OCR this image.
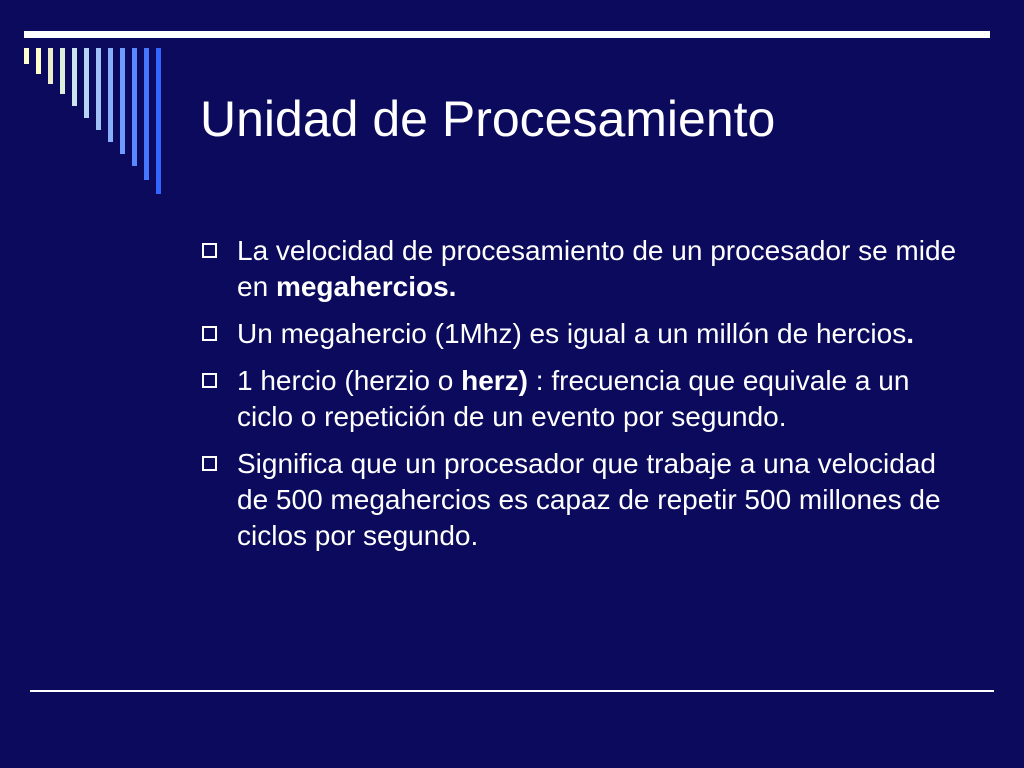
Unidad de Procesamiento
La velocidad de procesamiento de un procesador se mide en megahercios.
Un megahercio (1Mhz) es igual a un millón de hercios.
1 hercio (herzio o herz) : frecuencia que equivale a un ciclo o repetición de un evento por segundo.
Significa que un procesador que trabaje a una velocidad de 500 megahercios es capaz de repetir 500 millones de ciclos por segundo.
